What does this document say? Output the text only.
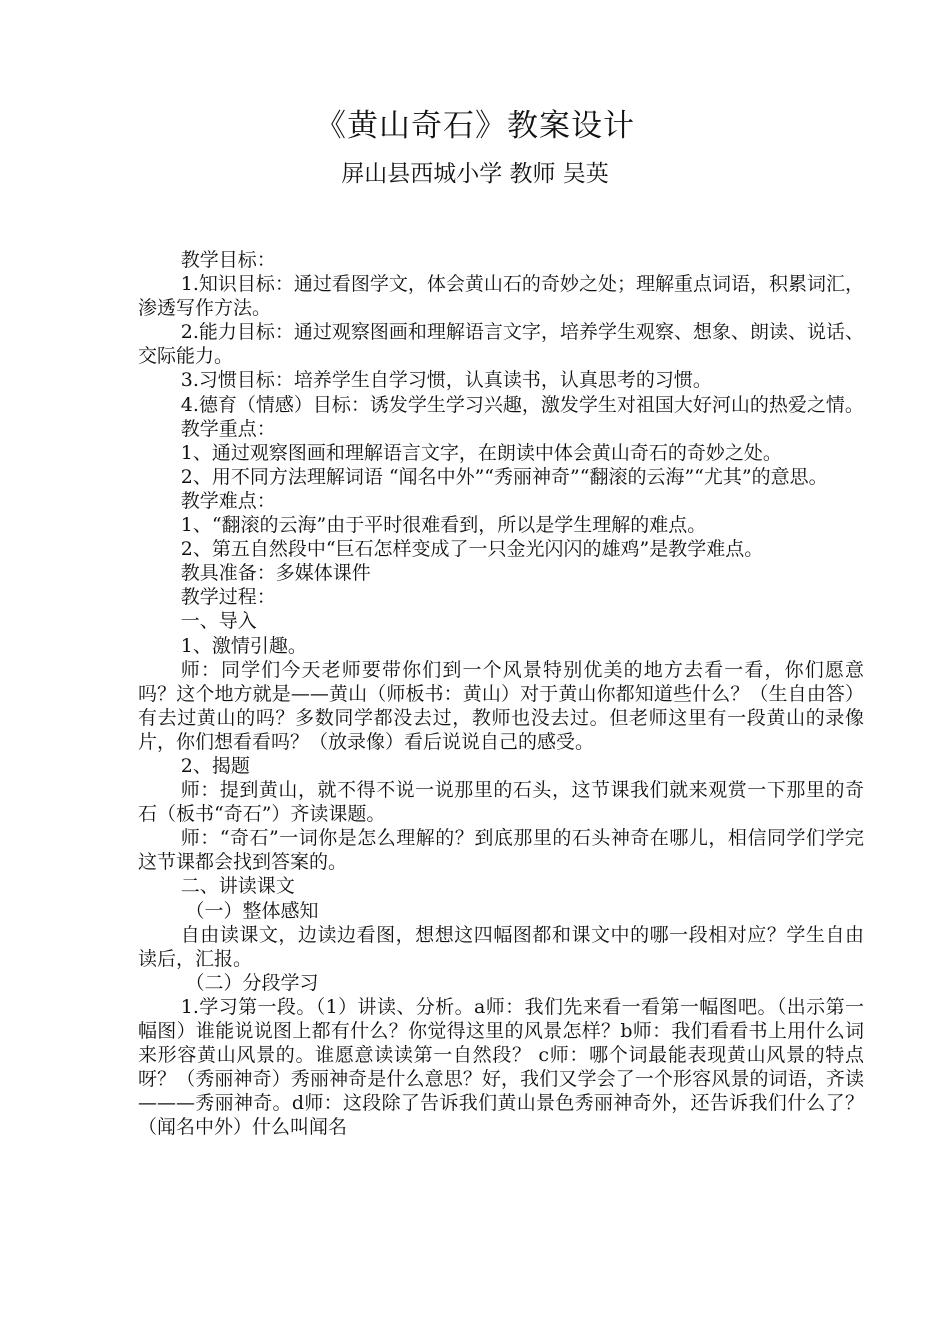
《黄山奇石》教案设计
屏山县西城小学 教师 吴英

教学目标：

1.知识目标：通过看图学文，体会黄山石的奇妙之处；理解重点词语，积累词汇，渗透写作方法。

2.能力目标：通过观察图画和理解语言文字，培养学生观察、想象、朗读、说话、交际能力。

3.习惯目标：培养学生自学习惯，认真读书，认真思考的习惯。

4.德育（情感）目标：诱发学生学习兴趣，激发学生对祖国大好河山的热爱之情。

教学重点：

1、通过观察图画和理解语言文字，在朗读中体会黄山奇石的奇妙之处。

2、用不同方法理解词语 “闻名中外”“秀丽神奇”“翻滚的云海”“尤其”的意思。

教学难点：

1、“翻滚的云海”由于平时很难看到，所以是学生理解的难点。

2、第五自然段中“巨石怎样变成了一只金光闪闪的雄鸡”是教学难点。

教具准备：多媒体课件

教学过程：

一、导入

1、激情引趣。

师：同学们今天老师要带你们到一个风景特别优美的地方去看一看，你们愿意吗？这个地方就是——黄山（师板书：黄山）对于黄山你都知道些什么？（生自由答）有去过黄山的吗？多数同学都没去过，教师也没去过。但老师这里有一段黄山的录像片，你们想看看吗？（放录像）看后说说自己的感受。

2、揭题

师：提到黄山，就不得不说一说那里的石头，这节课我们就来观赏一下那里的奇石（板书“奇石”）齐读课题。

师：“奇石”一词你是怎么理解的？到底那里的石头神奇在哪儿，相信同学们学完这节课都会找到答案的。

二、讲读课文

（一）整体感知

自由读课文，边读边看图，想想这四幅图都和课文中的哪一段相对应？学生自由读后，汇报。

（二）分段学习

1.学习第一段。（1）讲读、分析。a师：我们先来看一看第一幅图吧。（出示第一幅图）谁能说说图上都有什么？你觉得这里的风景怎样？b师：我们看看书上用什么词来形容黄山风景的。谁愿意读读第一自然段？ c师：哪个词最能表现黄山风景的特点呀？（秀丽神奇）秀丽神奇是什么意思？好，我们又学会了一个形容风景的词语，齐读———秀丽神奇。d师：这段除了告诉我们黄山景色秀丽神奇外，还告诉我们什么了？（闻名中外）什么叫闻名
